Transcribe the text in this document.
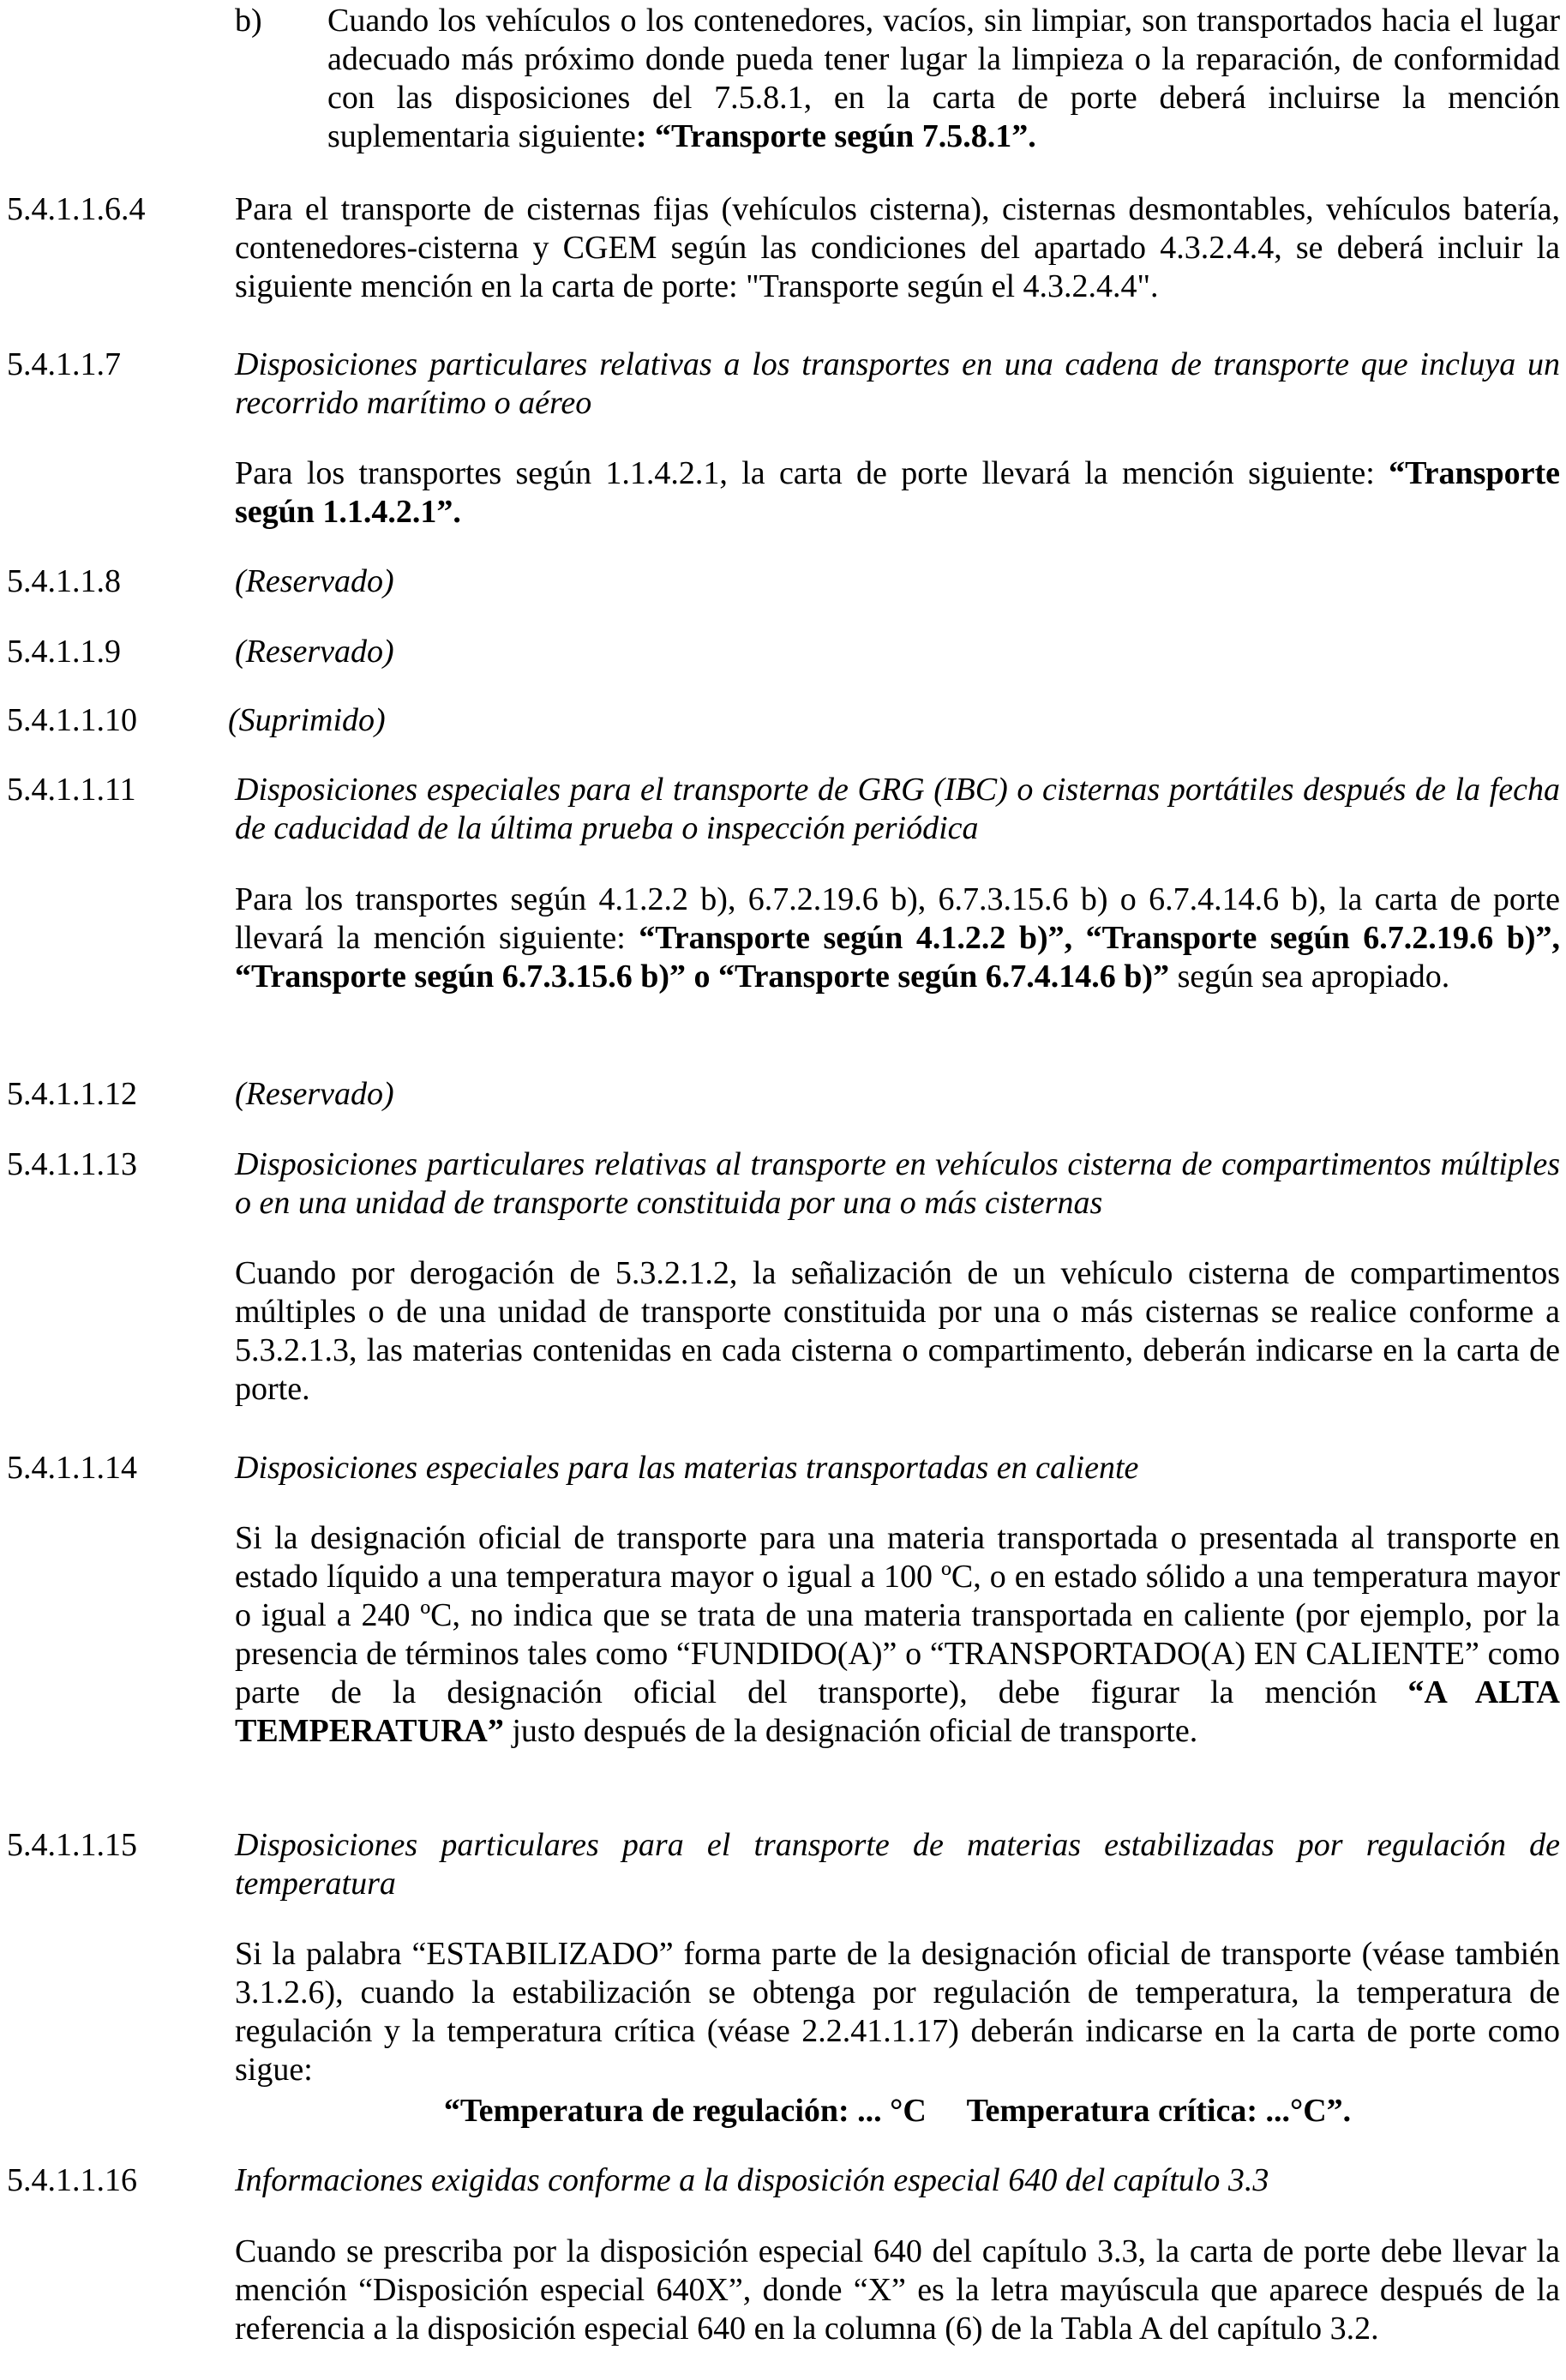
b) Cuando los vehículos o los contenedores, vacíos, sin limpiar, son transportados hacia el lugar adecuado más próximo donde pueda tener lugar la limpieza o la reparación, de conformidad con las disposiciones del 7.5.8.1, en la carta de porte deberá incluirse la mención suplementaria siguiente: “Transporte según 7.5.8.1”.
5.4.1.1.6.4	Para el transporte de cisternas fijas (vehículos cisterna), cisternas desmontables, vehículos batería, contenedores-cisterna y CGEM según las condiciones del apartado 4.3.2.4.4, se deberá incluir la siguiente mención en la carta de porte: "Transporte según el 4.3.2.4.4".
5.4.1.1.7	Disposiciones particulares relativas a los transportes en una cadena de transporte que incluya un recorrido marítimo o aéreo
Para los transportes según 1.1.4.2.1, la carta de porte llevará la mención siguiente: “Transporte según 1.1.4.2.1”.
5.4.1.1.8	(Reservado)
5.4.1.1.9	(Reservado)
5.4.1.1.10	(Suprimido)
5.4.1.1.11	Disposiciones especiales para el transporte de GRG (IBC) o cisternas portátiles después de la fecha de caducidad de la última prueba o inspección periódica
Para los transportes según 4.1.2.2 b), 6.7.2.19.6 b), 6.7.3.15.6 b) o 6.7.4.14.6 b), la carta de porte llevará la mención siguiente: “Transporte según 4.1.2.2 b)”, “Transporte según 6.7.2.19.6 b)”, “Transporte según 6.7.3.15.6 b)” o “Transporte según 6.7.4.14.6 b)” según sea apropiado.
5.4.1.1.12	(Reservado)
5.4.1.1.13	Disposiciones particulares relativas al transporte en vehículos cisterna de compartimentos múltiples o en una unidad de transporte constituida por una o más cisternas
Cuando por derogación de 5.3.2.1.2, la señalización de un vehículo cisterna de compartimentos múltiples o de una unidad de transporte constituida por una o más cisternas se realice conforme a 5.3.2.1.3, las materias contenidas en cada cisterna o compartimento, deberán indicarse en la carta de porte.
5.4.1.1.14	Disposiciones especiales para las materias transportadas en caliente
Si la designación oficial de transporte para una materia transportada o presentada al transporte en estado líquido a una temperatura mayor o igual a 100 ºC, o en estado sólido a una temperatura mayor o igual a 240 ºC, no indica que se trata de una materia transportada en caliente (por ejemplo, por la presencia de términos tales como “FUNDIDO(A)” o “TRANSPORTADO(A) EN CALIENTE” como parte de la designación oficial del transporte), debe figurar la mención “A ALTA TEMPERATURA” justo después de la designación oficial de transporte.
5.4.1.1.15	Disposiciones particulares para el transporte de materias estabilizadas por regulación de temperatura
Si la palabra “ESTABILIZADO” forma parte de la designación oficial de transporte (véase también 3.1.2.6), cuando la estabilización se obtenga por regulación de temperatura, la temperatura de regulación y la temperatura crítica (véase 2.2.41.1.17) deberán indicarse en la carta de porte como sigue:
“Temperatura de regulación: ... °C     Temperatura crítica: ...°C”.
5.4.1.1.16	Informaciones exigidas conforme a la disposición especial 640 del capítulo 3.3
Cuando se prescriba por la disposición especial 640 del capítulo 3.3, la carta de porte debe llevar la mención “Disposición especial 640X”, donde “X” es la letra mayúscula que aparece después de la referencia a la disposición especial 640 en la columna (6) de la Tabla A del capítulo 3.2.
